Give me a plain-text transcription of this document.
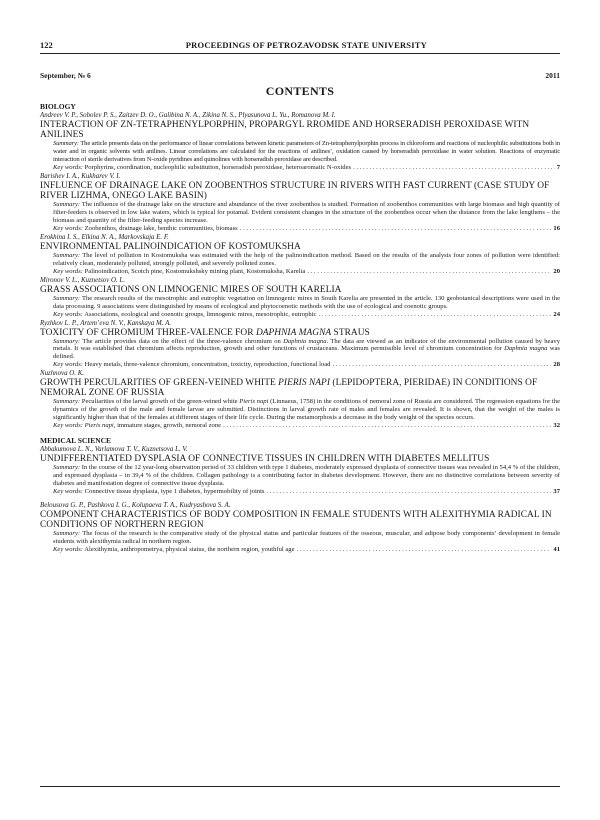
122	PROCEEDINGS OF PETROZAVODSK STATE UNIVERSITY
September, № 6	2011
CONTENTS
BIOLOGY
Andreev V. P., Sobolev P. S., Zaitzev D. O., Galibina N. A., Zikina N. S., Plyasunova L. Yu., Romanova M. I.
INTERACTION OF ZN-TETRAPHENYLPORPHIN, PROPARGYL RROMIDE AND HORSERADISH PEROXIDASE WITN ANILINES
Summary: The article presents data on the performance of linear correlations between kinetic parameters of Zn-tetraphenylporphin process in chloroform and reactions of nucleophilic substitutions both in water and in organic solvents with anilines. Linear correlations are calculated for the reactions of anilines’, oxidation caused by horseradish peroxidase in water solution. Reactions of enzymatic interaction of sterile derivatives from N-oxide pyridines and quinolines with horseradish peroxidase are described.
Key words: Porphyrins, coordination, nucleophilic substitution, horseradish peroxidase, heteroaromatic N-oxides . . .	7
Barishev I. A., Kukharev V. I.
INFLUENCE OF DRAINAGE LAKE ON ZOOBENTHOS STRUCTURE IN RIVERS WITH FAST CURRENT (CASE STUDY OF RIVER LIZHMA, ONEGO LAKE BASIN)
Summary: The influence of the drainage lake on the structure and abundance of the river zoobenthos is studied. Formation of zoobenthos communities with large biomass and high quantity of filter-feeders is observed in low lake waters, which is typical for potamal. Evident consistent changes in the structure of the zoobenthos occur when the distance from the lake lengthens – the biomass and quantity of the filter-feeding species increase.
Key words: Zoobenthos, drainage lake, benthic communities, biomass . . .	16
Erokhina I. S., Elkina N. A., Markovskaja E. F.
ENVIRONMENTAL PALINOINDICATION OF KOSTOMUKSHA
Summary: The level of pollution in Kostomuksha was estimated with the help of the palinoindication method. Based on the results of the analysis four zones of pollution were identified: relatively clean, moderately polluted, strongly polluted, and severely polluted zones.
Key words: Palinoindication, Scotch pine, Kostomukshsky mining plant, Kostomuksha, Karelia . . .	20
Mironov V. L., Kuznetsov O. L.
GRASS ASSOCIATIONS ON LIMNOGENIC MIRES OF SOUTH KARELIA
Summary: The research results of the mesotrophic and eutrophic vegetation on limnogenic mires in South Karelia are presented in the article. 130 geobotanical descriptions were used in the data processing. 9 associations were distinguished by means of ecological and phytocoenotic methods with the use of ecological and coenotic groups.
Key words: Associations, ecological and coenotic groups, limnogenic mires, mesotrophic, eutrophic . . .	24
Ryzhkov L. P., Artem’eva N. V., Kanskaya M. A.
TOXICITY OF CHROMIUM THREE-VALENCE FOR DAPHNIA MAGNA STRAUS
Summary: The article provides data on the effect of the three-valence chromium on Daphnia magna. The data are viewed as an indicator of the environmental pollution caused by heavy metals. It was established that chromium affects reproduction, growth and other functions of crustaceans. Maximum permissible level of chromium concentration for Daphnia magna was defined.
Key words: Heavy metals, three-valence chromium, concentration, toxicity, reproduction, functional load . . .	28
Nuzhnova O. K.
GROWTH PERCULARITIES OF GREEN-VEINED WHITE PIERIS NAPI (LEPIDOPTERA, PIERIDAE) IN CONDITIONS OF NEMORAL ZONE OF RUSSIA
Summary: Peculiarities of the larval growth of the green-veined white Pieris napi (Linnaeus, 1758) in the conditions of nemoral zone of Russia are considered. The regression equations for the dynamics of the growth of the male and female larvae are submitted. Distinctions in larval growth rate of males and females are revealed. It is shown, that the weight of the males is significantly higher than that of the females at different stages of their life cycle. During the metamorphosis a decrease in the body weight of the species occurs.
Key words: Pieris napi, immature stages, growth, nemoral zone . . .	32
MEDICAL SCIENCE
Abbakumova L. N., Varlamova T. V., Kuznetsova L. V.
UNDIFFERENTIATED DYSPLASIA OF CONNECTIVE TISSUES IN CHILDREN WITH DIABETES MELLITUS
Summary: In the course of the 12 year-long observation period of 33 children with type 1 diabetes, moderately expressed dysplasia of connective tissues was revealed in 54,4 % of the children, and expressed dysplasia – in 39,4 % of the children. Collagen pathology is a contributing factor in diabetes development. However, there are no distinctive correlations between severity of diabetes and manifestation degree of connective tissue dysplasia.
Key words: Connective tissue dysplasia, type 1 diabetes, hypermobility of joints . . .	37
Belousova G. P., Pashkova I. G., Kolupaeva T. A., Kudryashova S. A.
COMPONENT CHARACTERISTICS OF BODY COMPOSITION IN FEMALE STUDENTS WITH ALEXITHYMIA RADICAL IN CONDITIONS OF NORTHERN REGION
Summary: The focus of the research is the comparative study of the physical status and particular features of the osseous, muscular, and adipose body components’ development in female students with alexithymia radical in northern region.
Key words: Alexithymia, anthropometrya, physical status, the northern region, youthful age . . .	41
